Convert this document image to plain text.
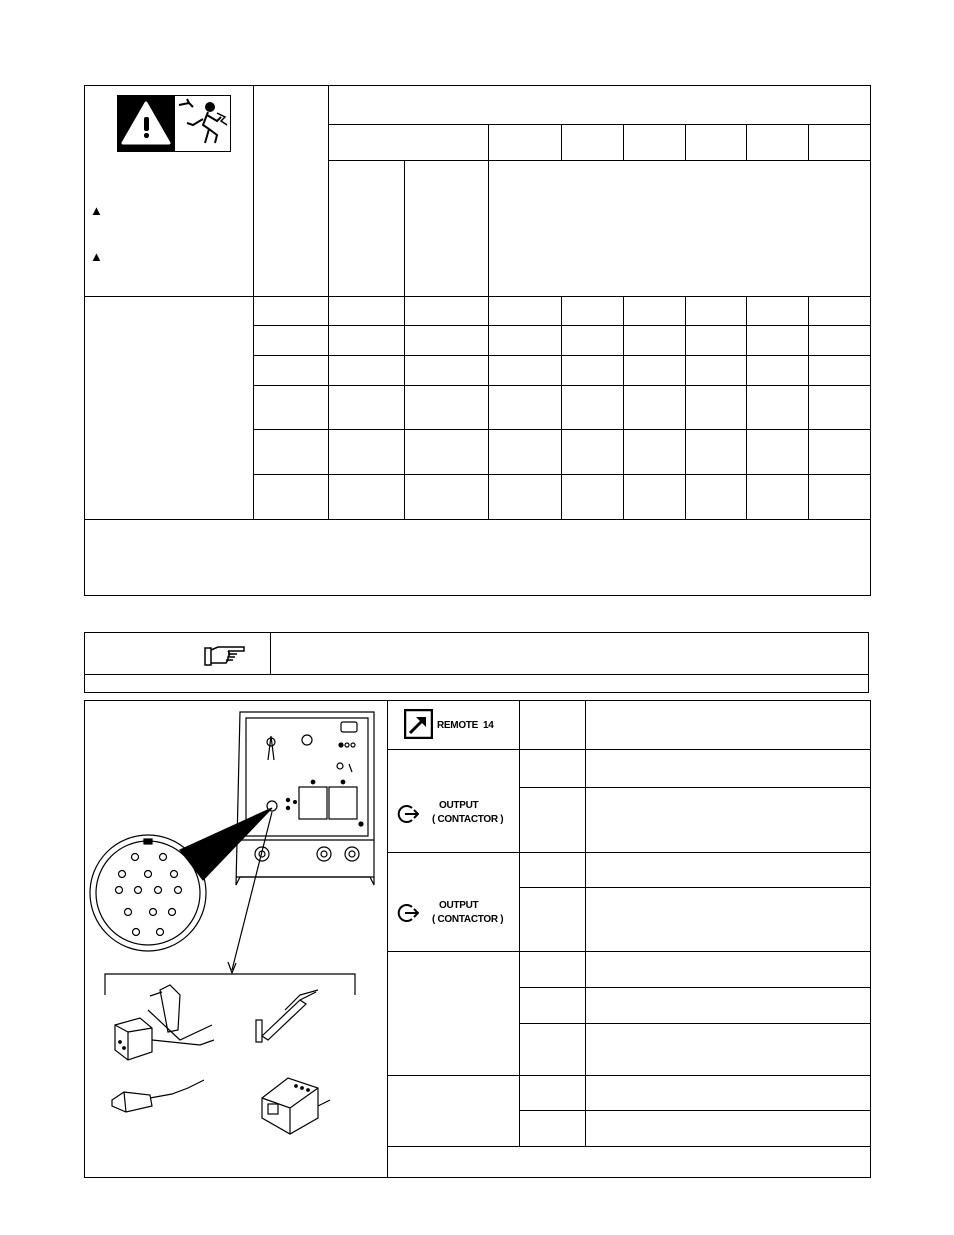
▲
▲
REMOTE 14
OUTPUT
( CONTACTOR )
OUTPUT
( CONTACTOR )
